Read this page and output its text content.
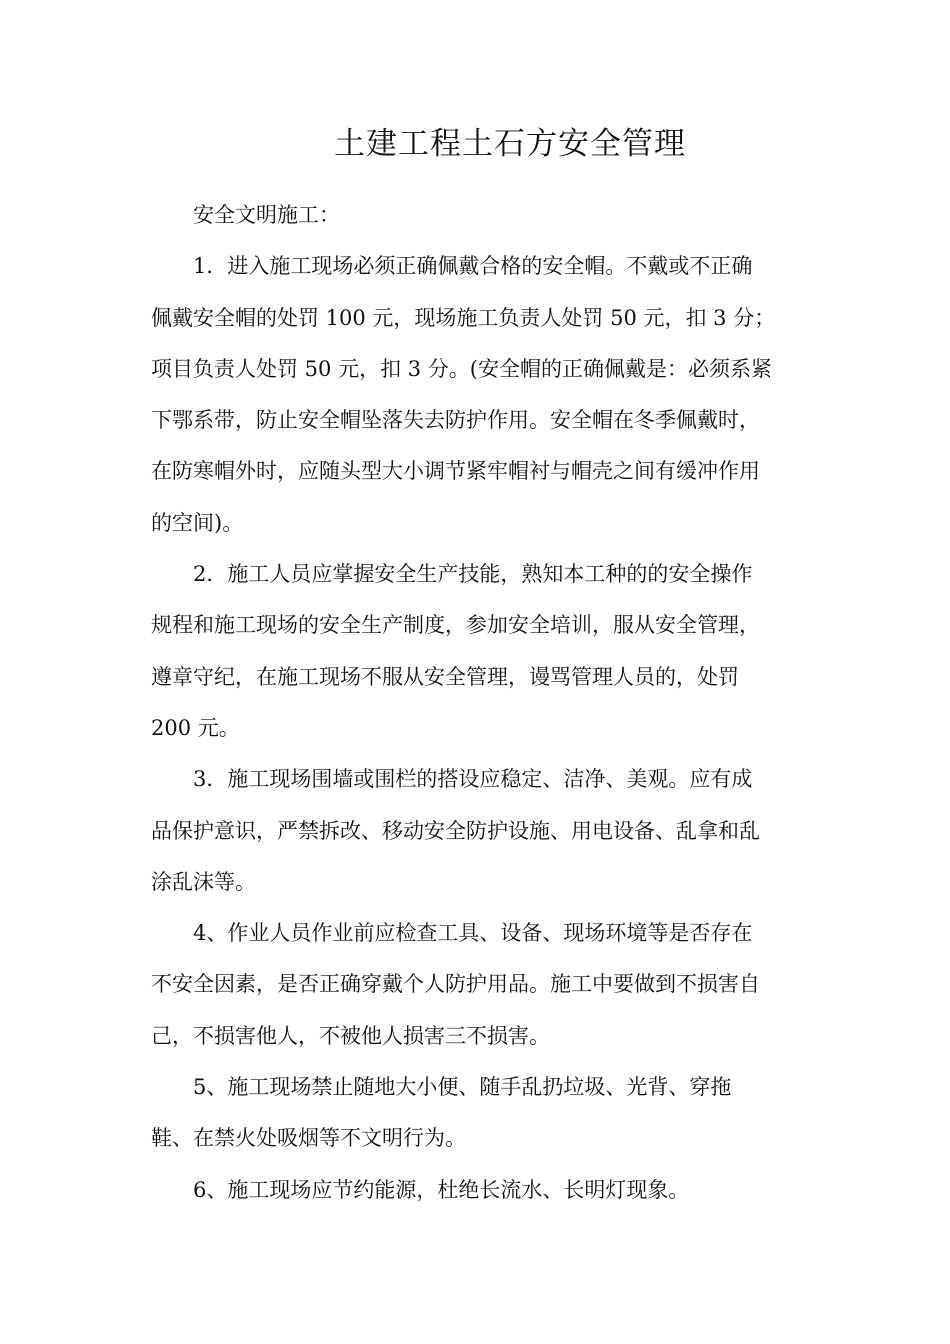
土建工程土石方安全管理

安全文明施工：

1．进入施工现场必须正确佩戴合格的安全帽。不戴或不正确
佩戴安全帽的处罚 100 元，现场施工负责人处罚 50 元，扣 3 分；
项目负责人处罚 50 元，扣 3 分。(安全帽的正确佩戴是：必须系紧
下鄂系带，防止安全帽坠落失去防护作用。安全帽在冬季佩戴时，
在防寒帽外时，应随头型大小调节紧牢帽衬与帽壳之间有缓冲作用
的空间)。

2．施工人员应掌握安全生产技能，熟知本工种的的安全操作
规程和施工现场的安全生产制度，参加安全培训，服从安全管理，
遵章守纪，在施工现场不服从安全管理，谩骂管理人员的，处罚
200 元。

3．施工现场围墙或围栏的搭设应稳定、洁净、美观。应有成
品保护意识，严禁拆改、移动安全防护设施、用电设备、乱拿和乱
涂乱沫等。

4、作业人员作业前应检查工具、设备、现场环境等是否存在
不安全因素，是否正确穿戴个人防护用品。施工中要做到不损害自
己，不损害他人，不被他人损害三不损害。

5、施工现场禁止随地大小便、随手乱扔垃圾、光背、穿拖
鞋、在禁火处吸烟等不文明行为。

6、施工现场应节约能源，杜绝长流水、长明灯现象。
